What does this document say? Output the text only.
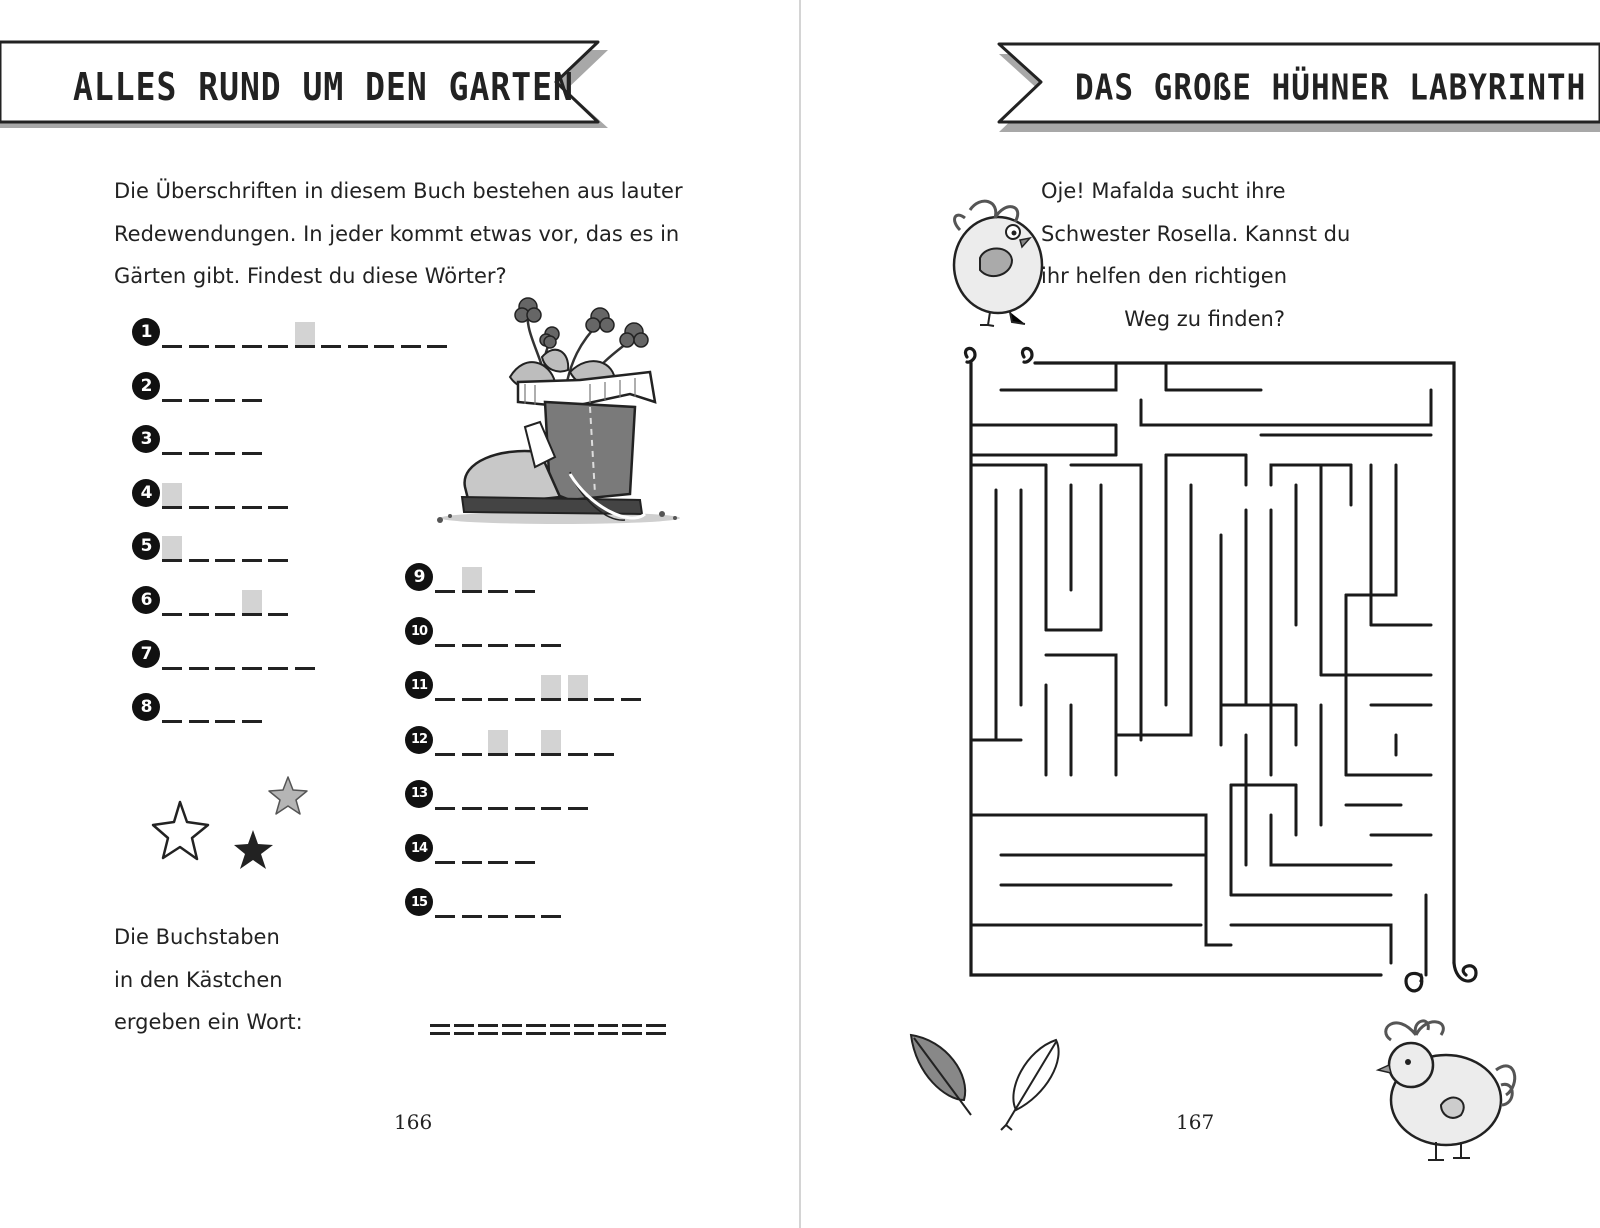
ALLES RUND UM DEN GARTEN
Die Überschriften in diesem Buch bestehen aus lauter
Redewendungen. In jeder kommt etwas vor, das es in
Gärten gibt. Findest du diese Wörter?
1
2
3
4
5
6
7
8
9
10
11
12
13
14
15
Die Buchstaben
in den Kästchen
ergeben ein Wort:
166
DAS GROßE HÜHNER LABYRINTH
Oje! Mafalda sucht ihre
Schwester Rosella. Kannst du
ihr helfen den richtigen
Weg zu finden?
167
